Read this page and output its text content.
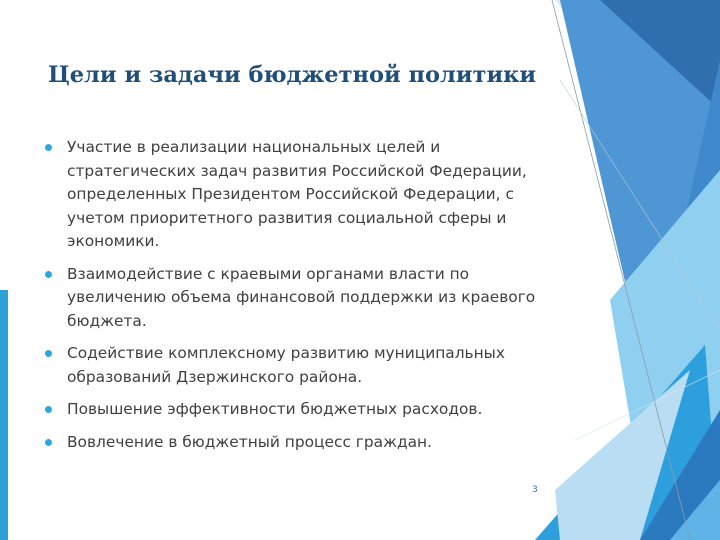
Цели и задачи бюджетной политики
Участие в реализации национальных целей и стратегических задач развития Российской Федерации, определенных Президентом Российской Федерации, с учетом приоритетного развития социальной сферы и экономики.
Взаимодействие с краевыми органами власти по увеличению объема финансовой поддержки из краевого бюджета.
Содействие комплексному развитию муниципальных образований Дзержинского района.
Повышение эффективности бюджетных расходов.
Вовлечение в бюджетный процесс граждан.
3
